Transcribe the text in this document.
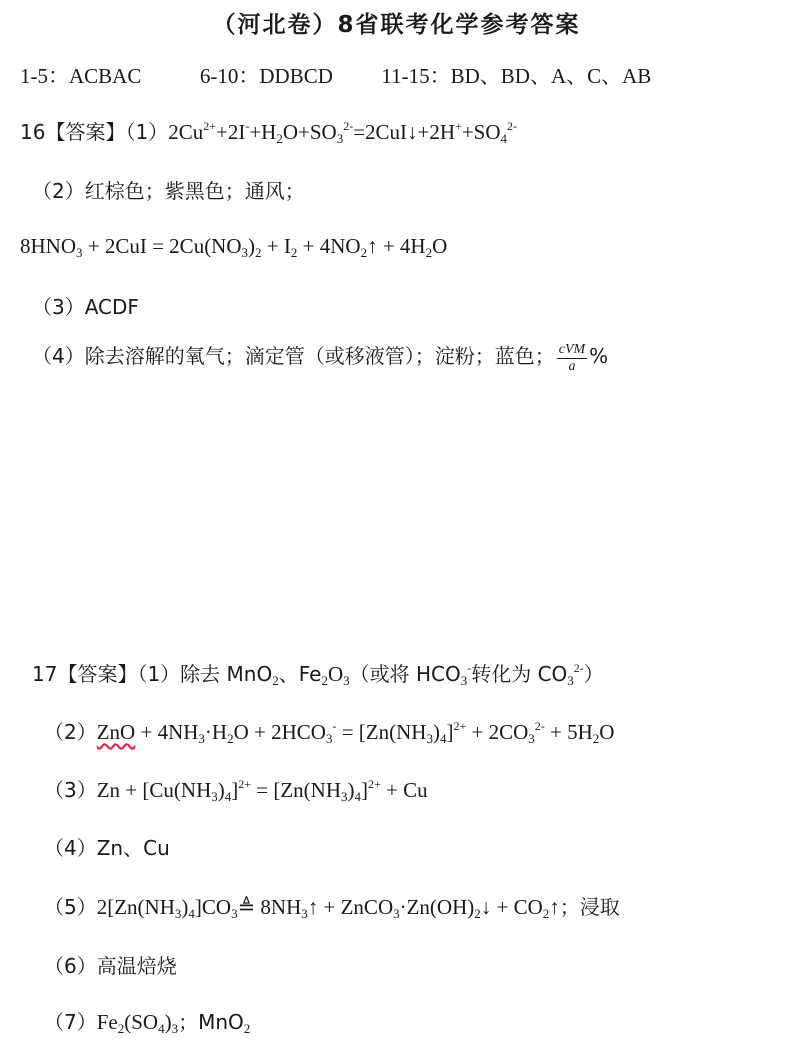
（河北卷）8省联考化学参考答案
1-5：ACBAC	6-10：DDBCD 11-15：BD、BD、A、C、AB
16【答案】$(1)2Cu^{2+}+2I^-+H_2O+SO_3^{2-}=2CuI↓+2H^++SO_4^{2-}$
（2）红棕色；紫黑色；通风；
$8HNO_3 + 2CuI = 2Cu(NO_3)_2 + I_2$ + $4NO_2↑ + 4H_2O$
（3）ACDF
（4）除去溶解的氧气；滴定管（或移液管）；淀粉；蓝色； $\frac{\text{cVM}}{a}$ %
17【答案】（1）除去 MnO$_2$、$Fe_2O_3$（或将 $HCO_3^-$转化为 $CO_3^{2-}$）
$(2)ZnO + 4NH_3\cdot H_2O + 2HCO_3^- = [Zn(NH_3)_4]^{2+} + 2CO_3^{2-} + 5H_2O$
$(3)Zn + [Cu(NH_3)_4]^{2+} = [Zn(NH_3)_4]^{2+} + Cu$
（4）Zn、Cu
$(5)2[Zn(NH_3)_4]CO_3≜$ $8NH_3↑$ + $ZnCO_3\cdot Zn(OH)_2↓$ + $CO_2↑$；浸取
（6）高温焙烧
$(7)Fe_2(SO_4)_3$；MnO$_2$
